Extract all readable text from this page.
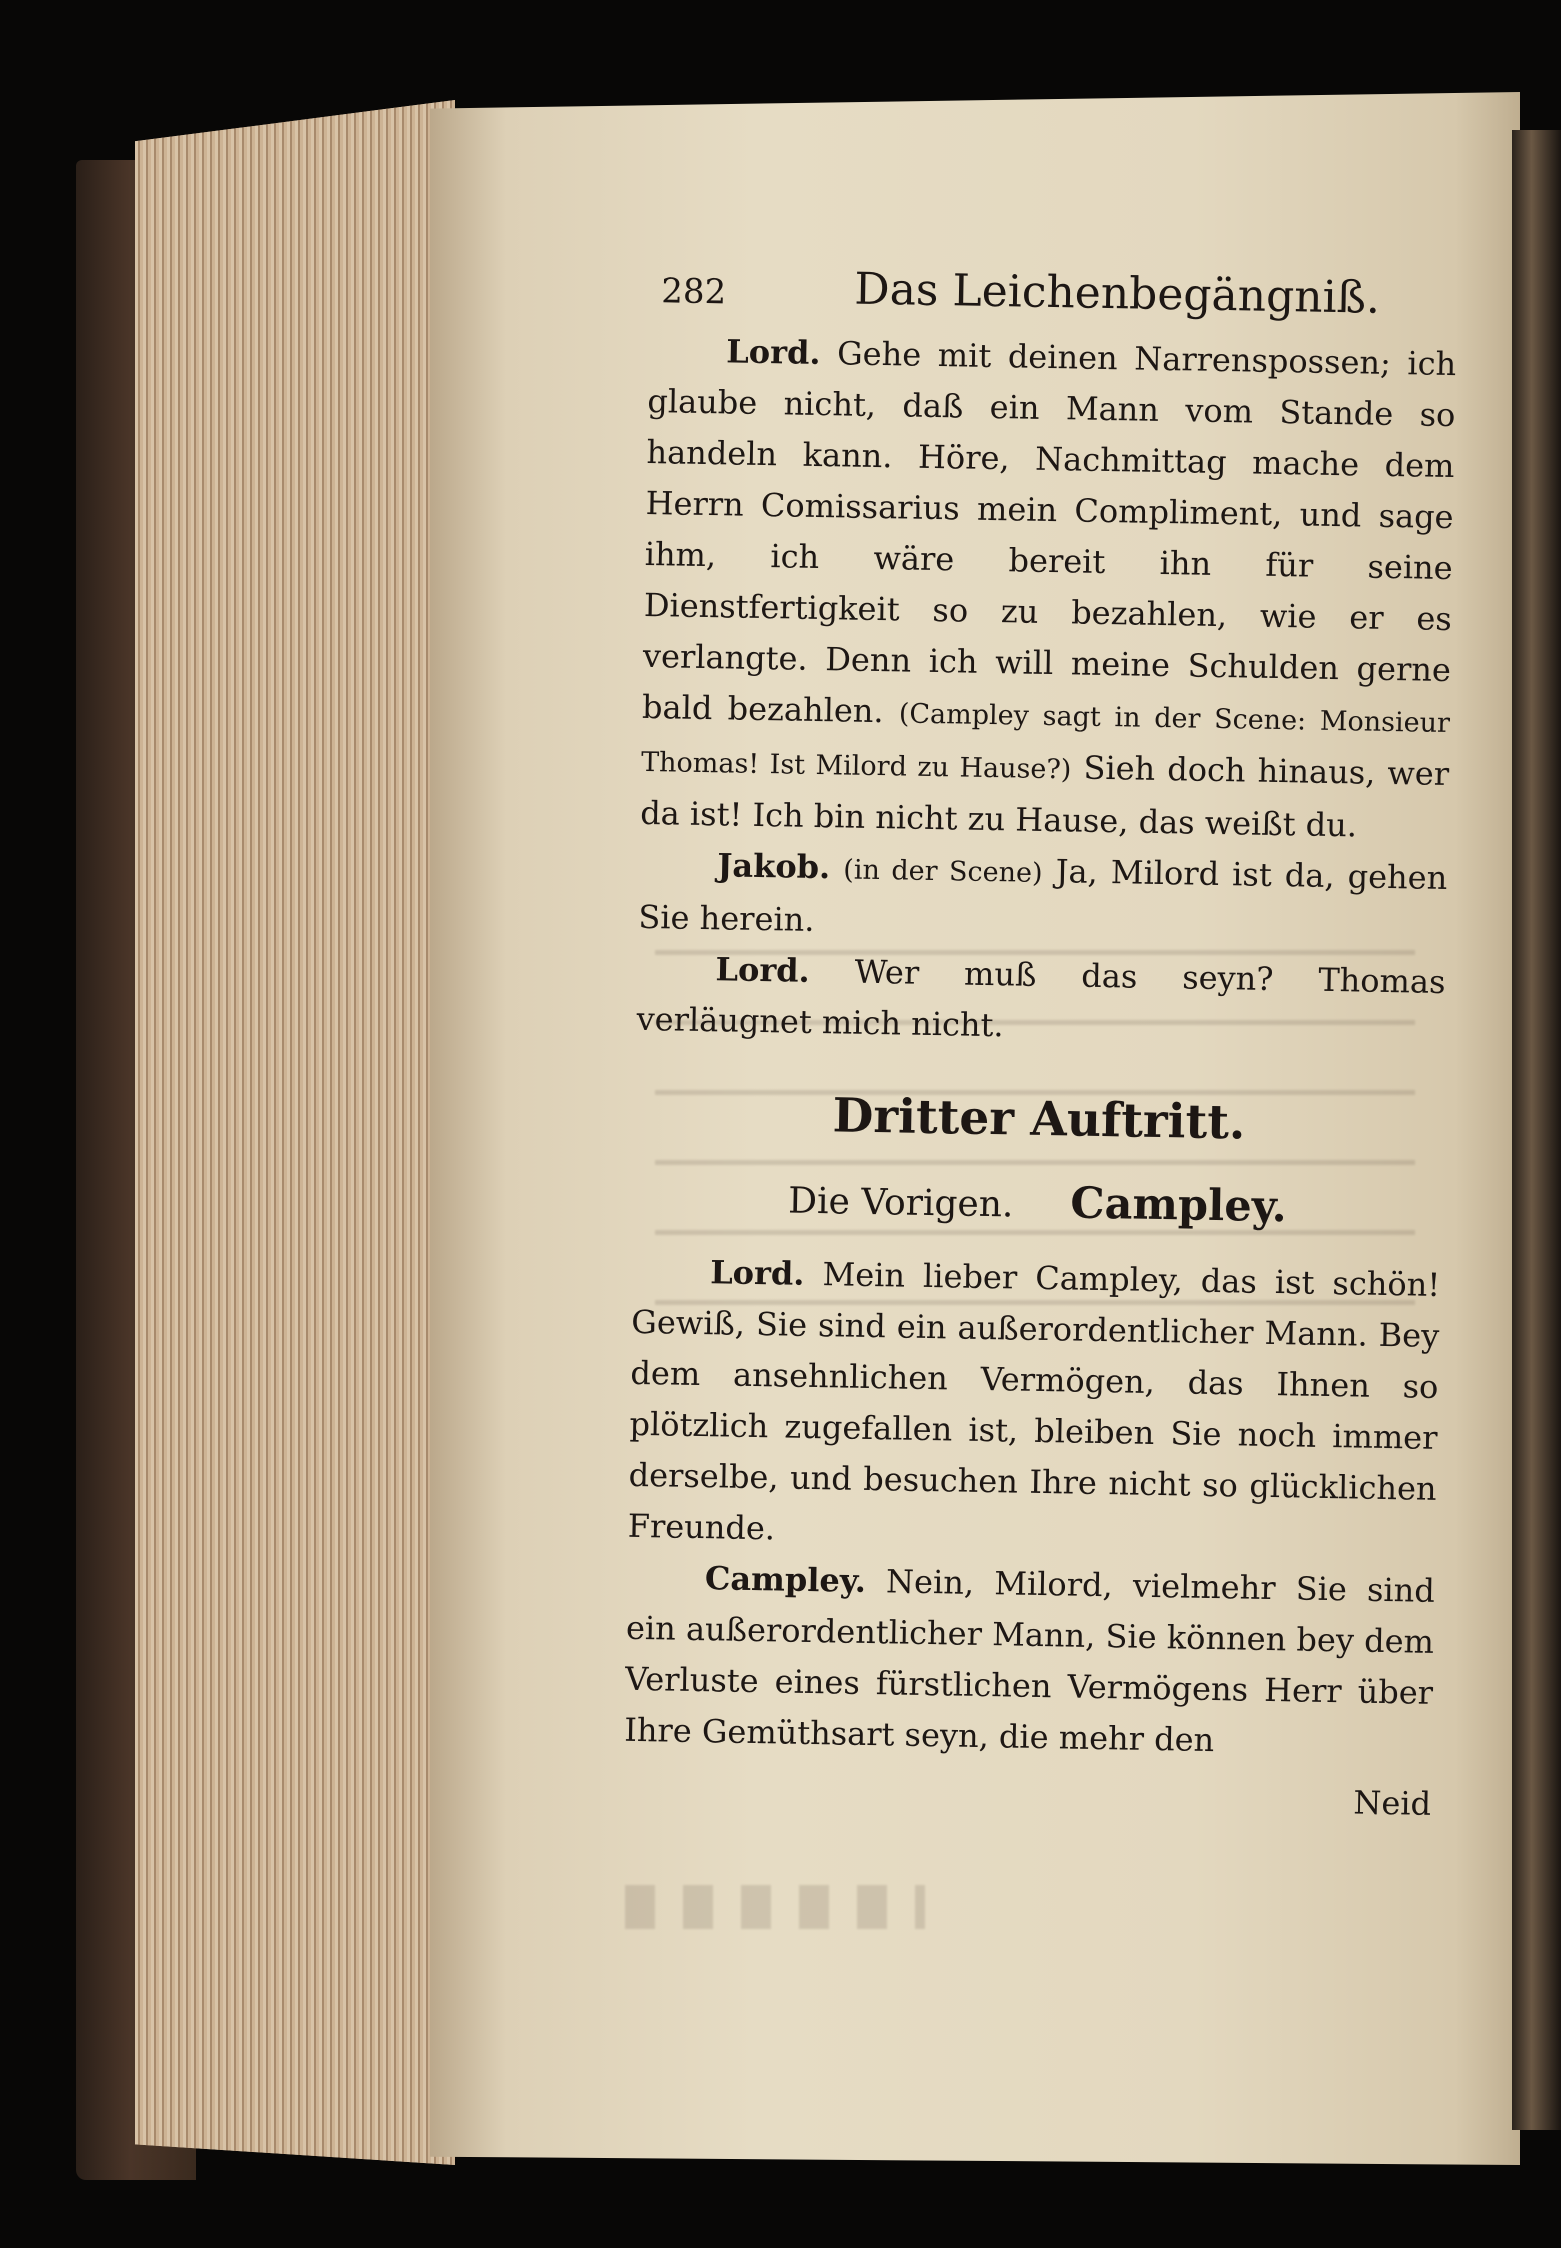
282	Das Leichenbegängniß.

Lord. Gehe mit deinen Narrenspossen; ich glaube nicht, daß ein Mann vom Stande so handeln kann. Höre, Nachmittag mache dem Herrn Comissarius mein Compliment, und sage ihm, ich wäre bereit ihn für seine Dienstfertigkeit so zu bezahlen, wie er es verlangte. Denn ich will meine Schulden gerne bald bezahlen. (Campley sagt in der Scene: Monsieur Thomas! Ist Milord zu Hause?) Sieh doch hinaus, wer da ist! Ich bin nicht zu Hause, das weißt du.

Jakob. (in der Scene) Ja, Milord ist da, gehen Sie herein.

Lord. Wer muß das seyn? Thomas verläugnet mich nicht.

Dritter Auftritt.
Die Vorigen. Campley.

Lord. Mein lieber Campley, das ist schön! Gewiß, Sie sind ein außerordentlicher Mann. Bey dem ansehnlichen Vermögen, das Ihnen so plötzlich zugefallen ist, bleiben Sie noch immer derselbe, und besuchen Ihre nicht so glücklichen Freunde.

Campley. Nein, Milord, vielmehr Sie sind ein außerordentlicher Mann, Sie können bey dem Verluste eines fürstlichen Vermögens Herr über Ihre Gemüthsart seyn, die mehr den

Neid
